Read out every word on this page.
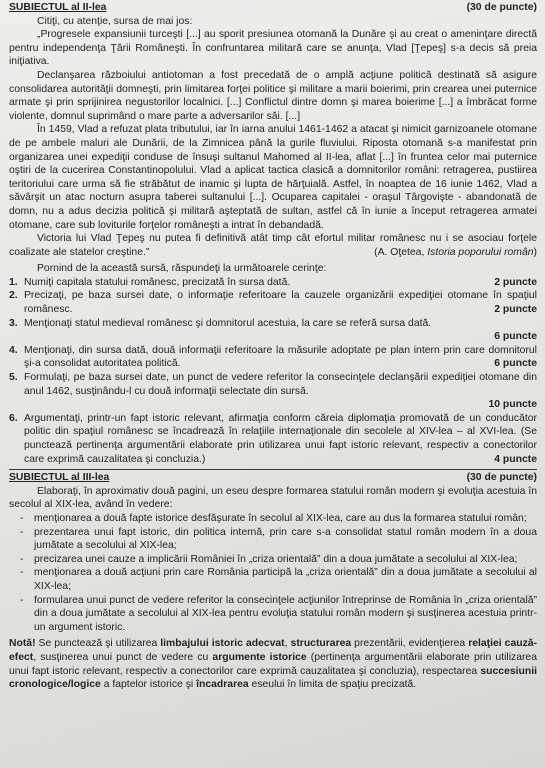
SUBIECTUL al II-lea	(30 de puncte)

Citiţi, cu atenţie, sursa de mai jos:

„Progresele expansiunii turceşti [...] au sporit presiunea otomană la Dunăre şi au creat o ameninţare directă pentru independenţa Ţării Româneşti. În confruntarea militară care se anunţa, Vlad [Ţepeş] s-a decis să preia iniţiativa.

Declanşarea războiului antiotoman a fost precedată de o amplă acţiune politică destinată să asigure consolidarea autorităţii domneşti, prin limitarea forţei politice şi militare a marii boierimi, prin crearea unei puternice armate şi prin sprijinirea negustorilor localnici. [...] Conflictul dintre domn şi marea boierime [...] a îmbrăcat forme violente, domnul suprimând o mare parte a adversarilor săi. [...]

În 1459, Vlad a refuzat plata tributului, iar în iarna anului 1461-1462 a atacat şi nimicit garnizoanele otomane de pe ambele maluri ale Dunării, de la Zimnicea până la gurile fluviului. Riposta otomană s-a manifestat prin organizarea unei expediţii conduse de însuşi sultanul Mahomed al II-lea, aflat [...] în fruntea celor mai puternice oştiri de la cucerirea Constantinopolului. Vlad a aplicat tactica clasică a domnitorilor români: retragerea, pustiirea teritoriului care urma să fie străbătut de inamic şi lupta de hărţuială. Astfel, în noaptea de 16 iunie 1462, Vlad a săvârşit un atac nocturn asupra taberei sultanului [...]. Ocuparea capitalei - oraşul Târgovişte - abandonată de domn, nu a adus decizia politică şi militară aşteptată de sultan, astfel că în iunie a început retragerea armatei otomane, care sub loviturile forţelor româneşti a intrat în debandadă.

Victoria lui Vlad Ţepeş nu putea fi definitivă atât timp cât efortul militar românesc nu i se asociau forţele coalizate ale statelor creştine.”	(A. Oţetea, Istoria poporului român)

Pornind de la această sursă, răspundeţi la următoarele cerinţe:

1. Numiţi capitala statului românesc, precizată în sursa dată.	2 puncte
2. Precizaţi, pe baza sursei date, o informaţie referitoare la cauzele organizării expediţiei otomane în spaţiul românesc.	2 puncte
3. Menţionaţi statul medieval românesc şi domnitorul acestuia, la care se referă sursa dată.
6 puncte
4. Menţionaţi, din sursa dată, două informaţii referitoare la măsurile adoptate pe plan intern prin care domnitorul şi-a consolidat autoritatea politică.	6 puncte
5. Formulaţi, pe baza sursei date, un punct de vedere referitor la consecinţele declanşării expediţiei otomane din anul 1462, susţinându-l cu două informaţii selectate din sursă.
10 puncte
6. Argumentaţi, printr-un fapt istoric relevant, afirmaţia conform căreia diplomaţia promovată de un conducător politic din spaţiul românesc se încadrează în relaţiile internaţionale din secolele al XIV-lea – al XVI-lea. (Se punctează pertinenţa argumentării elaborate prin utilizarea unui fapt istoric relevant, respectiv a conectorilor care exprimă cauzalitatea şi concluzia.)	4 puncte
SUBIECTUL al III-lea	(30 de puncte)

Elaboraţi, în aproximativ două pagini, un eseu despre formarea statului român modern şi evoluţia acestuia în secolul al XIX-lea, având în vedere:

-	menţionarea a două fapte istorice desfăşurate în secolul al XIX-lea, care au dus la formarea statului român;
-	prezentarea unui fapt istoric, din politica internă, prin care s-a consolidat statul român modern în a doua jumătate a secolului al XIX-lea;
-	precizarea unei cauze a implicării României în „criza orientală” din a doua jumătate a secolului al XIX-lea;
-	menţionarea a două acţiuni prin care România participă la „criza orientală” din a doua jumătate a secolului al XIX-lea;
-	formularea unui punct de vedere referitor la consecinţele acţiunilor întreprinse de România în „criza orientală” din a doua jumătate a secolului al XIX-lea pentru evoluţia statului român modern şi susţinerea acestuia printr-un argument istoric.

Notă! Se punctează şi utilizarea limbajului istoric adecvat, structurarea prezentării, evidenţierea relaţiei cauză-efect, susţinerea unui punct de vedere cu argumente istorice (pertinenţa argumentării elaborate prin utilizarea unui fapt istoric relevant, respectiv a conectorilor care exprimă cauzalitatea şi concluzia), respectarea succesiunii cronologice/logice a faptelor istorice şi încadrarea eseului în limita de spaţiu precizată.
